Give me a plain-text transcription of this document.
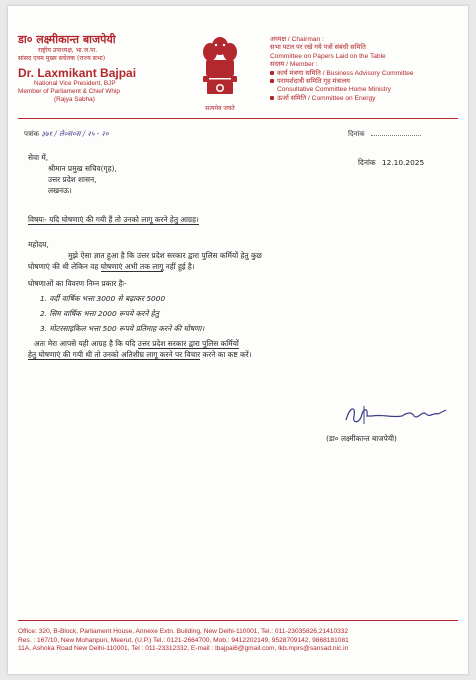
डा० लक्ष्मीकान्त बाजपेयी
राष्ट्रीय उपाध्यक्ष, भा.ज.पा.
सांसद एवम मुख्य सचेतक (राज्य सभा)
Dr. Laxmikant Bajpai
National Vice President, BJP
Member of Parliament & Chief Whip
(Rajya Sabha)
सत्यमेव जयते
अध्यक्ष / Chairman :
सभा पटल पर रखे गये पत्रों संबंधी समिति
Committee on Papers Laid on the Table
सदस्य / Member :
कार्य मंत्रणा समिति / Business Advisory Committee
परामर्शदात्री समिति गृह मंत्रालय
Consultative Committee Home Ministry
ऊर्जा समिति / Committee on Energy
पत्रांक ३७१ / ले०स०स / २५ - २०	दिनांक
दिनांक 12.10.2025
सेवा में,
श्रीमान प्रमुख सचिव(गृह),
उत्तर प्रदेश शासन,
लखनऊ।
विषयः- यदि घोषणाएं की गयी हैं तो उनको लागू करने हेतु आग्रह।
महोदय,
मुझे ऐसा ज्ञात हुआ है कि उत्तर प्रदेश सरकार द्वारा पुलिस कर्मियों हेतु कुछ
घोषणाएं की थी लेकिन वह घोषणाएं अभी तक लागू नहीं हुई है।
घोषणाओं का विवरण निम्न प्रकार हैः-
1. वर्दी वार्षिक भत्ता 3000 से बढ़ाकर 5000
2. सिम वार्षिक भत्ता 2000 रूपये करने हेतु
3. मोटरसाइकिल भत्ता 500 रूपये प्रतिमाह करने की घोषणा।
अतः मेरा आपसे यही आग्रह है कि यदि उत्तर प्रदेश सरकार द्वारा पुलिस कर्मियों
हेतु घोषणाएं की गयी थी तो उनको अतिशीघ्र लागू करने पर विचार करने का कष्ट करें।
(डा० लक्ष्मीकान्त बाजपेयी)
Office: 320, B-Block, Parliament House, Annexe Extn. Building, New Delhi-110001, Tel.: 011-23035826,21410332
Res. : 167/10, New Mohanpuri, Meerut, (U.P.) Tel.: 0121-2664700, Mob.: 9412202149, 9528709142, 9868181081
11A, Ashoka Road New Delhi-110001, Tel : 011-23312332, E-mail : lbajpai6@gmail.com, lkb.mprs@sansad.nic.in
